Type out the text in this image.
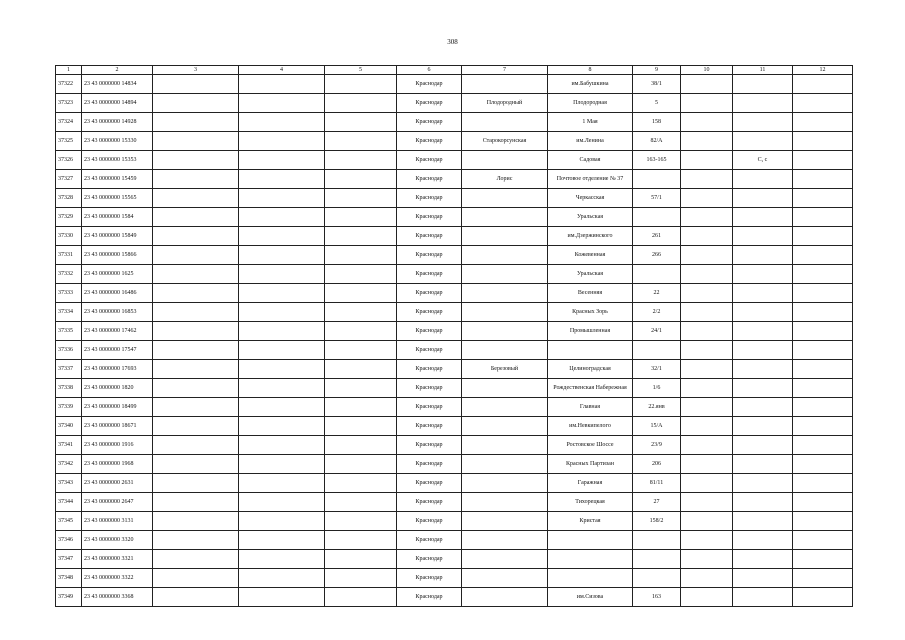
308
1	2	3	4	5	6	7	8	9	10	11	12
37322	23 43 0000000 14834				Краснодар		им.Бабушкина	38/1			
37323	23 43 0000000 14894				Краснодар	Плодородный	Плодородная	5			
37324	23 43 0000000 14928				Краснодар		1 Мая	158			
37325	23 43 0000000 15330				Краснодар	Старокорсунская	им.Ленина	82/А			
37326	23 43 0000000 15353				Краснодар		Садовая	163-165		С, с	
37327	23 43 0000000 15459				Краснодар	Лорис	Почтовое отделение № 37				
37328	23 43 0000000 15565				Краснодар		Черкасская	57/1			
37329	23 43 0000000 1584				Краснодар		Уральская				
37330	23 43 0000000 15849				Краснодар		им.Дзержинского	261			
37331	23 43 0000000 15866				Краснодар		Кожевенная	266			
37332	23 43 0000000 1625				Краснодар		Уральская				
37333	23 43 0000000 16486				Краснодар		Весенняя	22			
37334	23 43 0000000 16853				Краснодар		Красных Зорь	2/2			
37335	23 43 0000000 17462				Краснодар		Промышленная	24/1			
37336	23 43 0000000 17547				Краснодар						
37337	23 43 0000000 17693				Краснодар	Березовый	Целиноградская	32/1			
37338	23 43 0000000 1820				Краснодар		Рождественская Набережная	1/6			
37339	23 43 0000000 18499				Краснодар		Главная	22.янв			
37340	23 43 0000000 18671				Краснодар		им.Невкипелого	15/А			
37341	23 43 0000000 1916				Краснодар		Ростовское Шоссе	23/9			
37342	23 43 0000000 1968				Краснодар		Красных Партизан	206			
37343	23 43 0000000 2631				Краснодар		Гаражная	81/11			
37344	23 43 0000000 2647				Краснодар		Тихорецкая	27			
37345	23 43 0000000 3131				Краснодар		Кристая	158/2			
37346	23 43 0000000 3320				Краснодар						
37347	23 43 0000000 3321				Краснодар						
37348	23 43 0000000 3322				Краснодар						
37349	23 43 0000000 3368				Краснодар		им.Сизова	163			
